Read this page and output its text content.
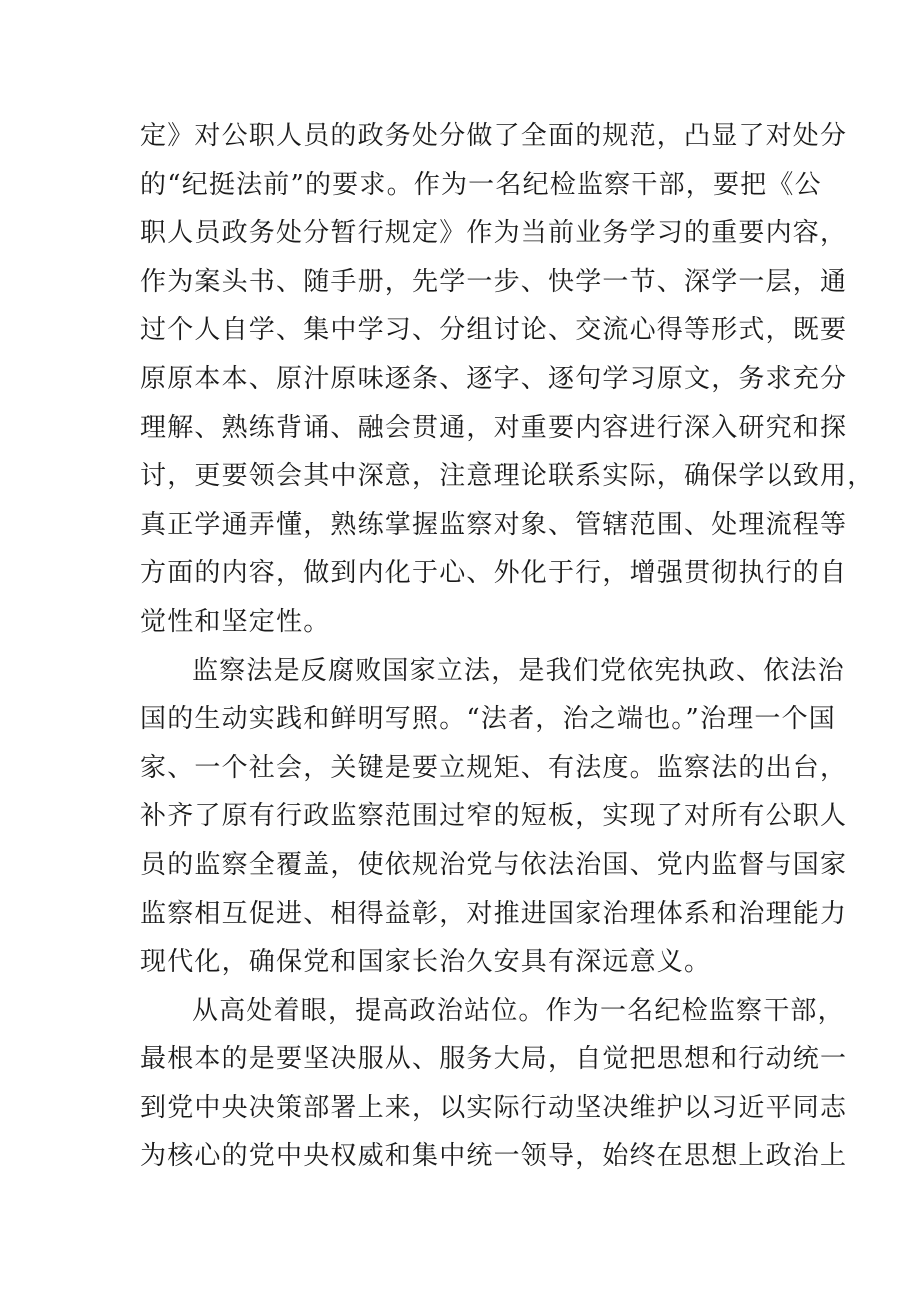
定》对公职人员的政务处分做了全面的规范，凸显了对处分
的“纪挺法前”的要求。作为一名纪检监察干部，要把《公
职人员政务处分暂行规定》作为当前业务学习的重要内容，
作为案头书、随手册，先学一步、快学一节、深学一层，通
过个人自学、集中学习、分组讨论、交流心得等形式，既要
原原本本、原汁原味逐条、逐字、逐句学习原文，务求充分
理解、熟练背诵、融会贯通，对重要内容进行深入研究和探
讨，更要领会其中深意，注意理论联系实际，确保学以致用，
真正学通弄懂，熟练掌握监察对象、管辖范围、处理流程等
方面的内容，做到内化于心、外化于行，增强贯彻执行的自
觉性和坚定性。
监察法是反腐败国家立法，是我们党依宪执政、依法治
国的生动实践和鲜明写照。“法者，治之端也。”治理一个国
家、一个社会，关键是要立规矩、有法度。监察法的出台，
补齐了原有行政监察范围过窄的短板，实现了对所有公职人
员的监察全覆盖，使依规治党与依法治国、党内监督与国家
监察相互促进、相得益彰，对推进国家治理体系和治理能力
现代化，确保党和国家长治久安具有深远意义。
从高处着眼，提高政治站位。作为一名纪检监察干部，
最根本的是要坚决服从、服务大局，自觉把思想和行动统一
到党中央决策部署上来，以实际行动坚决维护以习近平同志
为核心的党中央权威和集中统一领导，始终在思想上政治上
